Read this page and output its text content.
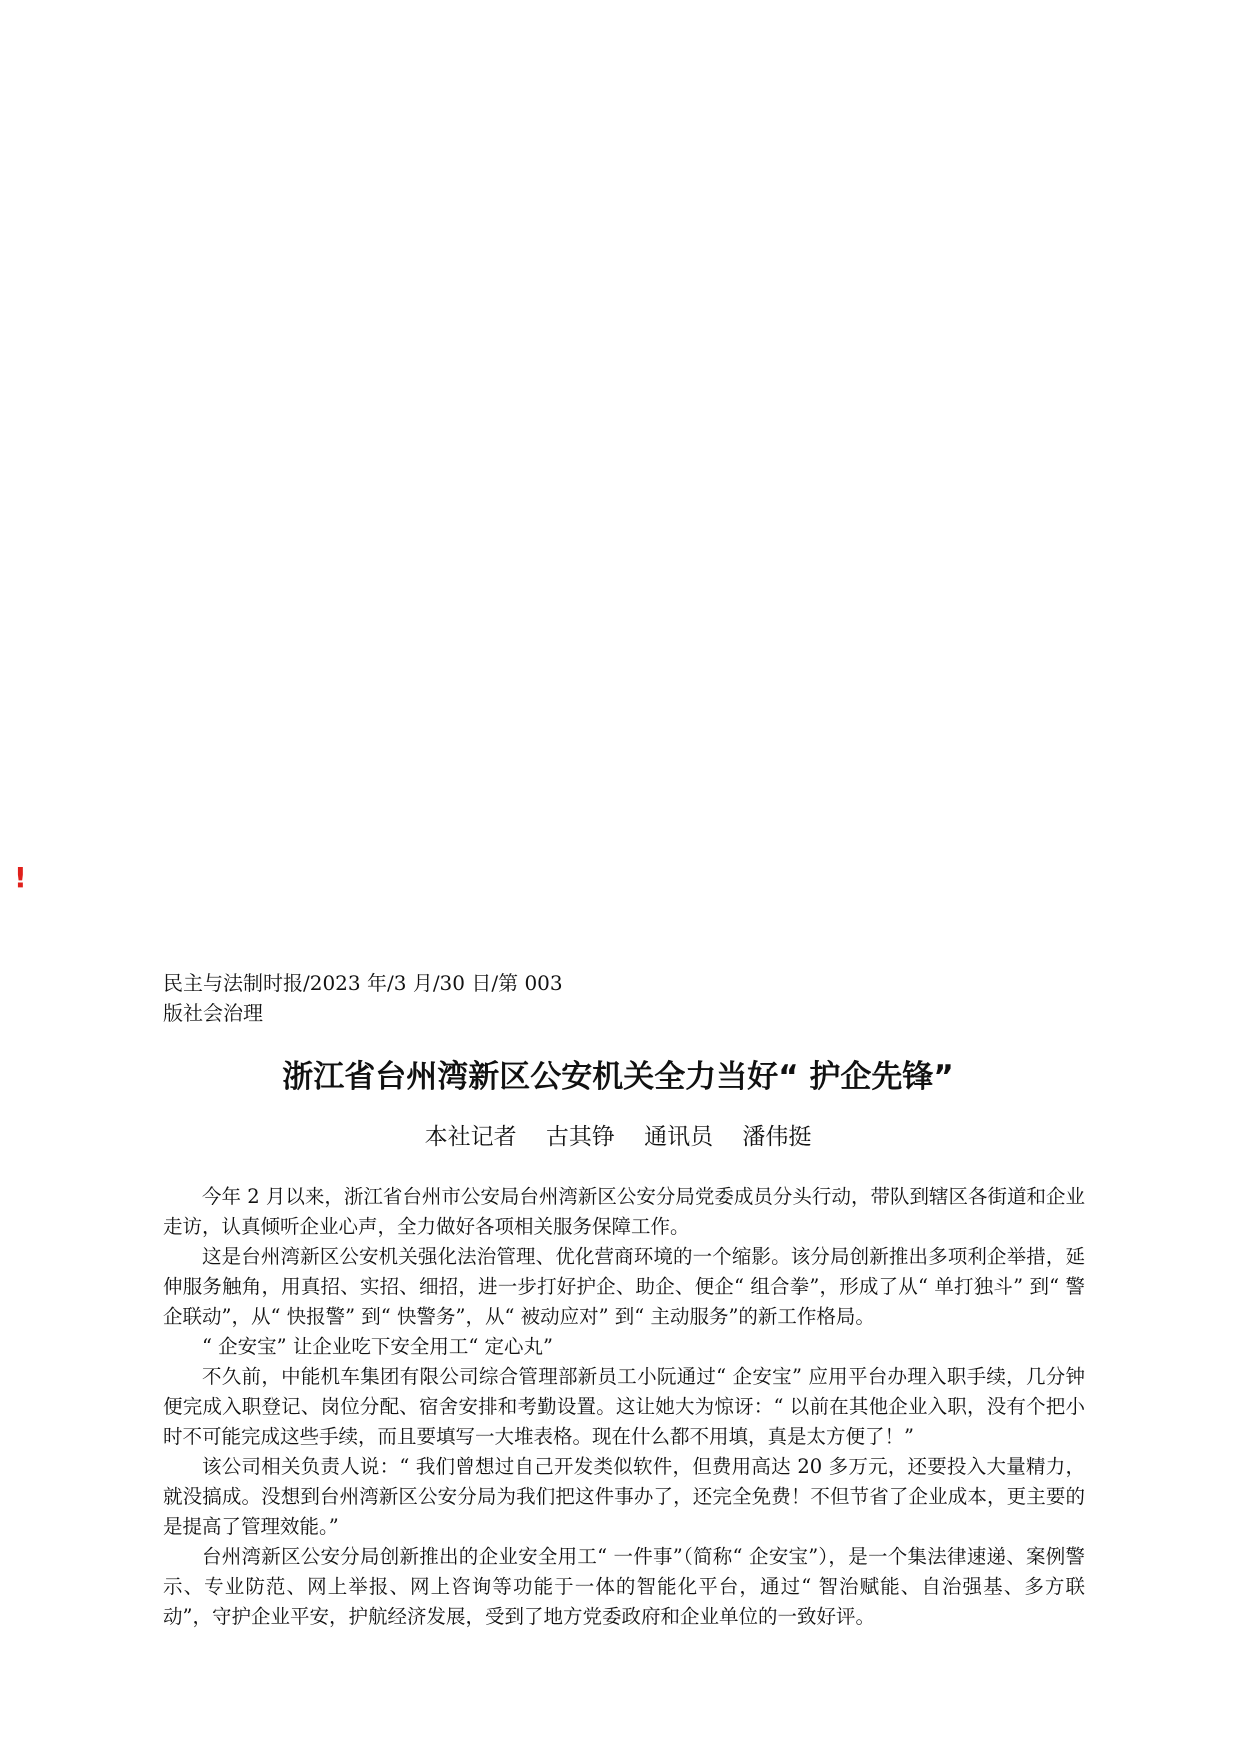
!
民主与法制时报/2023 年/3 月/30 日/第 003
版社会治理
浙江省台州湾新区公安机关全力当好“ 护企先锋”
本社记者    古其铮    通讯员    潘伟挺

今年 2 月以来，浙江省台州市公安局台州湾新区公安分局党委成员分头行动，带队到辖区各街道和企业走访，认真倾听企业心声，全力做好各项相关服务保障工作。

这是台州湾新区公安机关强化法治管理、优化营商环境的一个缩影。该分局创新推出多项利企举措，延伸服务触角，用真招、实招、细招，进一步打好护企、助企、便企“ 组合拳”，形成了从“ 单打独斗” 到“ 警企联动”，从“ 快报警” 到“ 快警务”，从“ 被动应对” 到“ 主动服务”的新工作格局。

“ 企安宝” 让企业吃下安全用工“ 定心丸”

不久前，中能机车集团有限公司综合管理部新员工小阮通过“ 企安宝” 应用平台办理入职手续，几分钟便完成入职登记、岗位分配、宿舍安排和考勤设置。这让她大为惊讶：“ 以前在其他企业入职，没有个把小时不可能完成这些手续，而且要填写一大堆表格。现在什么都不用填，真是太方便了！”

该公司相关负责人说：“ 我们曾想过自己开发类似软件，但费用高达 20 多万元，还要投入大量精力，就没搞成。没想到台州湾新区公安分局为我们把这件事办了，还完全免费！不但节省了企业成本，更主要的是提高了管理效能。”

台州湾新区公安分局创新推出的企业安全用工“ 一件事”（简称“ 企安宝”），是一个集法律速递、案例警示、专业防范、网上举报、网上咨询等功能于一体的智能化平台，通过“ 智治赋能、自治强基、多方联动”，守护企业平安，护航经济发展，受到了地方党委政府和企业单位的一致好评。
